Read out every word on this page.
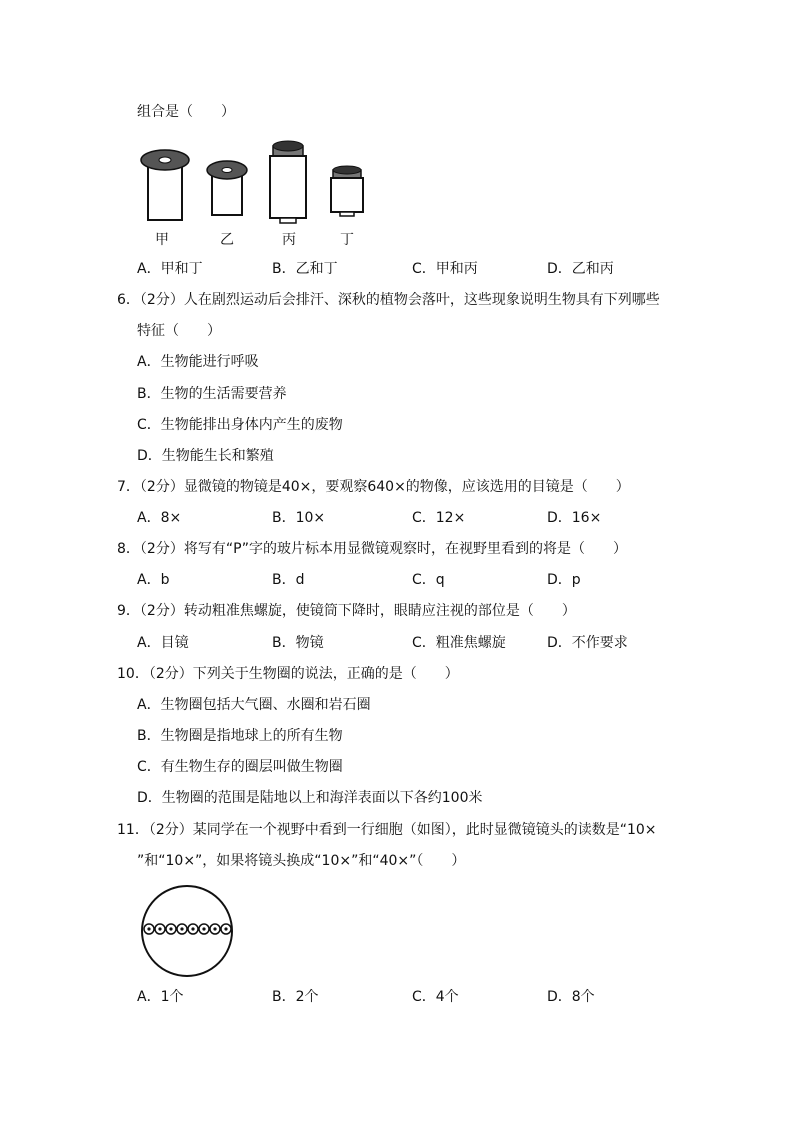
组合是（　　）
甲	乙	丙	丁
A．甲和丁	B．乙和丁	C．甲和丙	D．乙和丙
6．（2分）人在剧烈运动后会排汗、深秋的植物会落叶，这些现象说明生物具有下列哪些
特征（　　）
A．生物能进行呼吸
B．生物的生活需要营养
C．生物能排出身体内产生的废物
D．生物能生长和繁殖
7．（2分）显微镜的物镜是40×，要观察640×的物像，应该选用的目镜是（　　）
A．8×	B．10×	C．12×	D．16×
8．（2分）将写有“P”字的玻片标本用显微镜观察时，在视野里看到的将是（　　）
A．b	B．d	C．q	D．p
9．（2分）转动粗准焦螺旋，使镜筒下降时，眼睛应注视的部位是（　　）
A．目镜	B．物镜	C．粗准焦螺旋	D．不作要求
10．（2分）下列关于生物圈的说法，正确的是（　　）
A．生物圈包括大气圈、水圈和岩石圈
B．生物圈是指地球上的所有生物
C．有生物生存的圈层叫做生物圈
D．生物圈的范围是陆地以上和海洋表面以下各约100米
11．（2分）某同学在一个视野中看到一行细胞（如图），此时显微镜镜头的读数是“10×
”和“10×”，如果将镜头换成“10×”和“40×”（　　）
A．1个	B．2个	C．4个	D．8个
